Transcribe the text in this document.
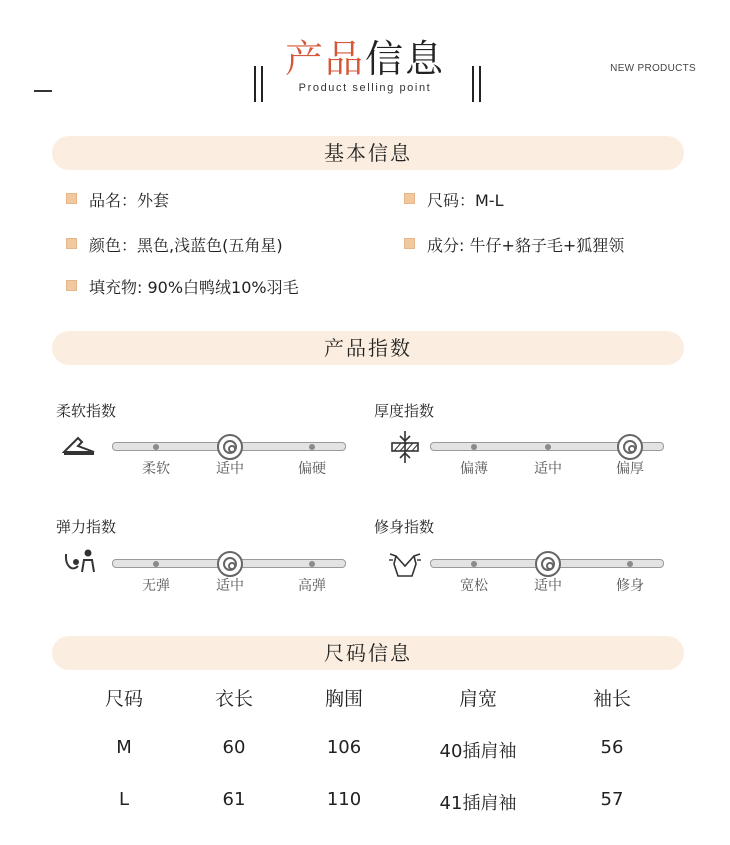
产品信息
Product selling point
NEW PRODUCTS
基本信息
品名：外套	尺码：M-L
颜色：黑色,浅蓝色(五角星)	成分: 牛仔+貉子毛+狐狸领
填充物: 90%白鸭绒10%羽毛
产品指数
柔软指数	厚度指数
弹力指数	修身指数
尺码信息
尺码	衣长	胸围	肩宽	袖长
M	60	106	40插肩袖	56
L	61	110	41插肩袖	57
柔软	适中	偏硬	偏薄	适中	偏厚
无弹	适中	高弹	宽松	适中	修身
